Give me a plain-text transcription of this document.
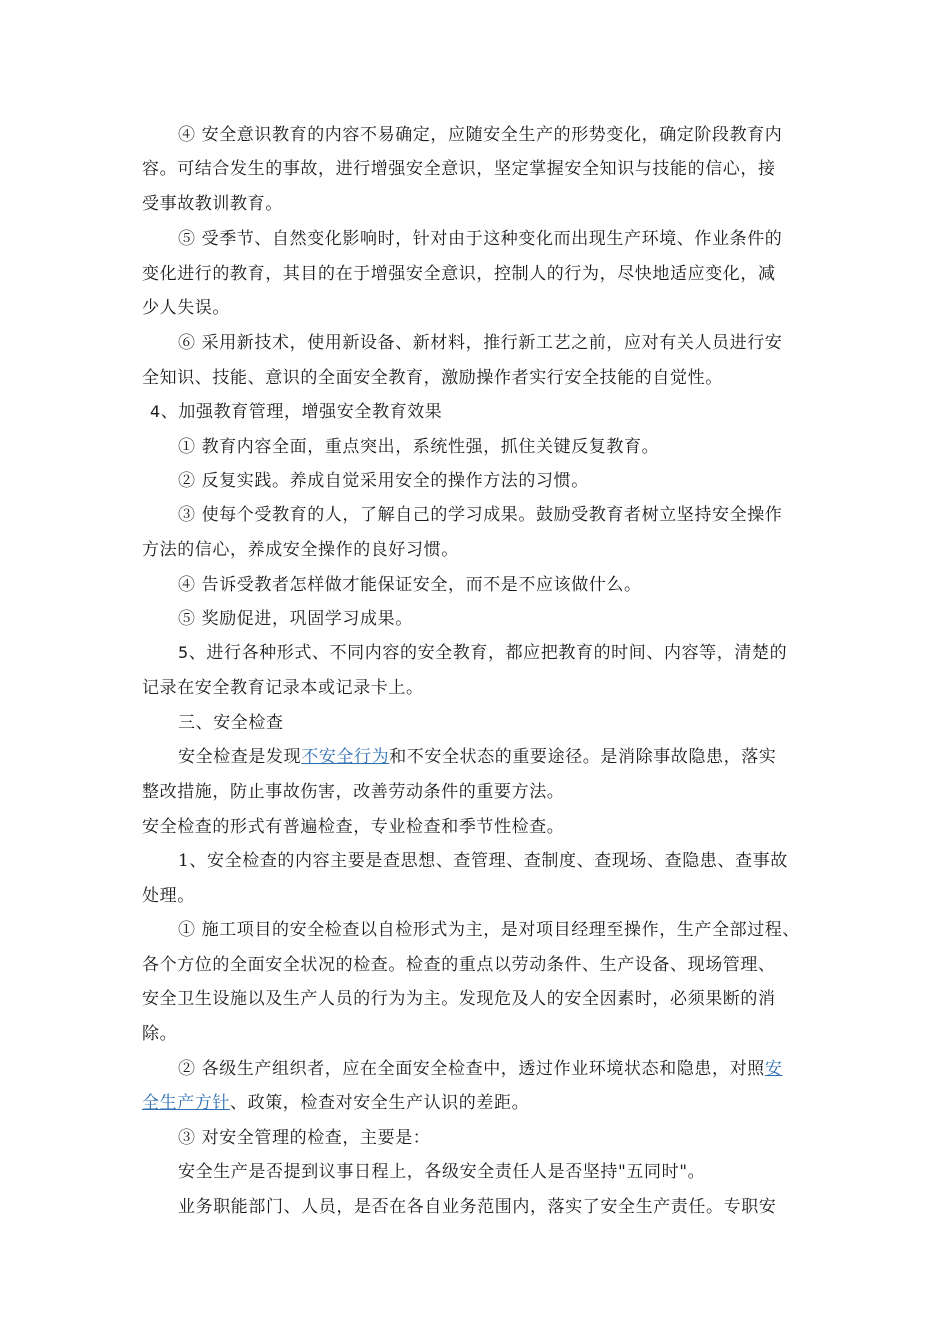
④ 安全意识教育的内容不易确定，应随安全生产的形势变化，确定阶段教育内
容。可结合发生的事故，进行增强安全意识，坚定掌握安全知识与技能的信心，接
受事故教训教育。
⑤ 受季节、自然变化影响时，针对由于这种变化而出现生产环境、作业条件的
变化进行的教育，其目的在于增强安全意识，控制人的行为，尽快地适应变化，减
少人失误。
⑥ 采用新技术，使用新设备、新材料，推行新工艺之前，应对有关人员进行安
全知识、技能、意识的全面安全教育，激励操作者实行安全技能的自觉性。
4、加强教育管理，增强安全教育效果
① 教育内容全面，重点突出，系统性强，抓住关键反复教育。
② 反复实践。养成自觉采用安全的操作方法的习惯。
③ 使每个受教育的人，了解自己的学习成果。鼓励受教育者树立坚持安全操作
方法的信心，养成安全操作的良好习惯。
④ 告诉受教者怎样做才能保证安全，而不是不应该做什么。
⑤ 奖励促进，巩固学习成果。
5、进行各种形式、不同内容的安全教育，都应把教育的时间、内容等，清楚的
记录在安全教育记录本或记录卡上。
三、安全检查
安全检查是发现不安全行为和不安全状态的重要途径。是消除事故隐患，落实
整改措施，防止事故伤害，改善劳动条件的重要方法。
安全检查的形式有普遍检查，专业检查和季节性检查。
1、安全检查的内容主要是查思想、查管理、查制度、查现场、查隐患、查事故
处理。
① 施工项目的安全检查以自检形式为主，是对项目经理至操作，生产全部过程、
各个方位的全面安全状况的检查。检查的重点以劳动条件、生产设备、现场管理、
安全卫生设施以及生产人员的行为为主。发现危及人的安全因素时，必须果断的消
除。
② 各级生产组织者，应在全面安全检查中，透过作业环境状态和隐患，对照安
全生产方针、政策，检查对安全生产认识的差距。
③ 对安全管理的检查，主要是：
安全生产是否提到议事日程上，各级安全责任人是否坚持"五同时"。
业务职能部门、人员，是否在各自业务范围内，落实了安全生产责任。专职安
